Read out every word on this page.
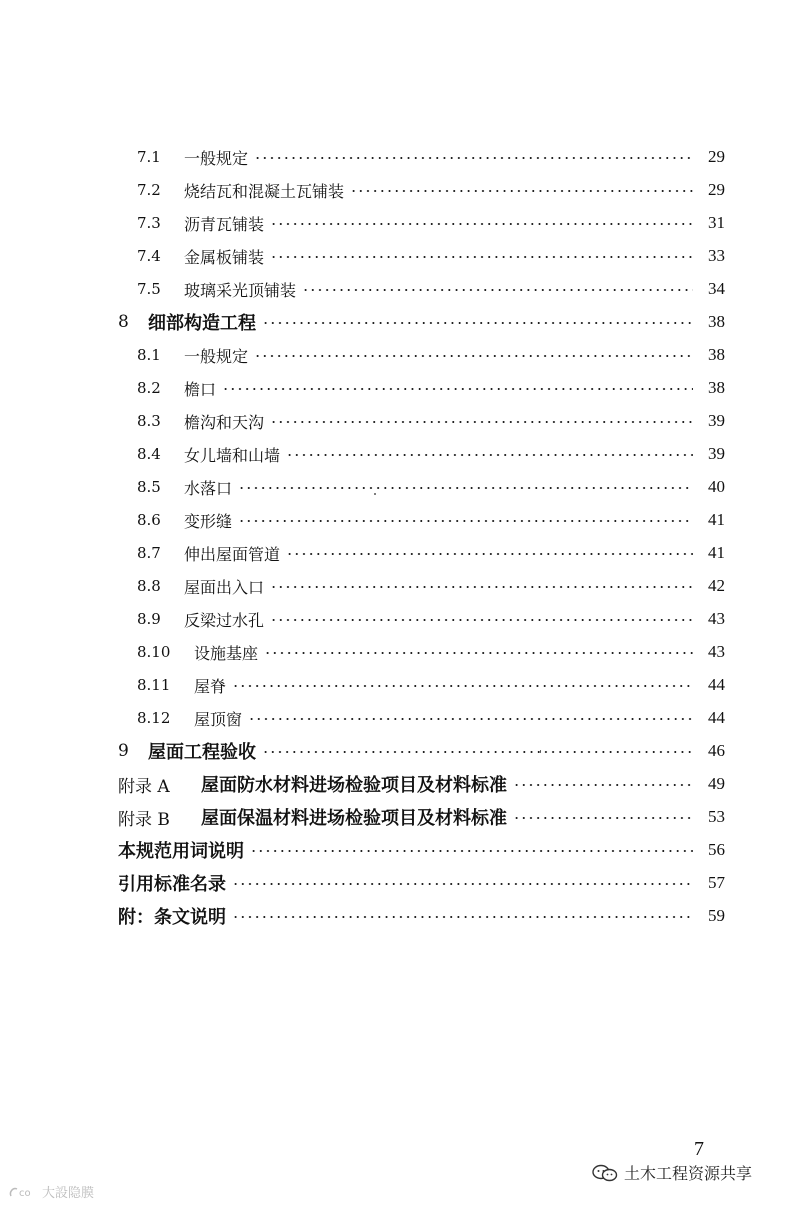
7.1 一般规定	29
7.2 烧结瓦和混凝土瓦铺装	29
7.3 沥青瓦铺装	31
7.4 金属板铺装	33
7.5 玻璃采光顶铺装	34
8 细部构造工程	38
8.1 一般规定	38
8.2 檐口	38
8.3 檐沟和天沟	39
8.4 女儿墙和山墙	39
8.5 水落口	40
8.6 变形缝	41
8.7 伸出屋面管道	41
8.8 屋面出入口	42
8.9 反梁过水孔	43
8.10 设施基座	43
8.11 屋脊	44
8.12 屋顶窗	44
9 屋面工程验收	46
附录 A 屋面防水材料进场检验项目及材料标准	49
附录 B 屋面保温材料进场检验项目及材料标准	53
本规范用词说明	56
引用标准名录	57
附：条文说明	59
7
土木工程资源共享
co 大設隐膜
